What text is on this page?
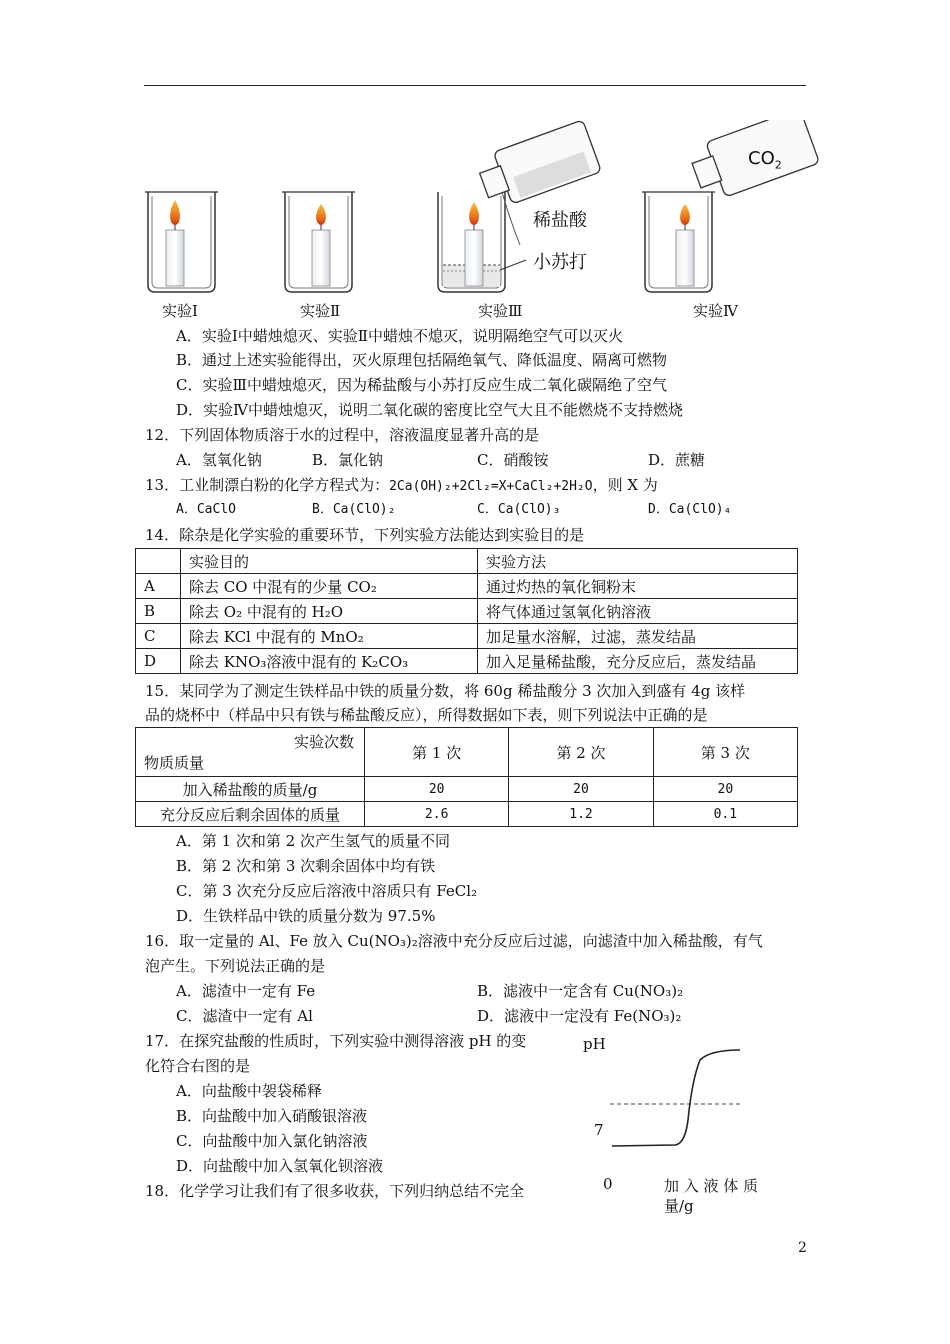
稀盐酸
小苏打
$CO_2$
实验Ⅰ	实验Ⅱ	实验Ⅲ	实验Ⅳ
A．实验Ⅰ中蜡烛熄灭、实验Ⅱ中蜡烛不熄灭，说明隔绝空气可以灭火
B．通过上述实验能得出，灭火原理包括隔绝氧气、降低温度、隔离可燃物
C．实验Ⅲ中蜡烛熄灭，因为稀盐酸与小苏打反应生成二氧化碳隔绝了空气
D．实验Ⅳ中蜡烛熄灭，说明二氧化碳的密度比空气大且不能燃烧不支持燃烧
12．下列固体物质溶于水的过程中，溶液温度显著升高的是
A．氢氧化钠	B．氯化钠	C．硝酸铵	D．蔗糖
13．工业制漂白粉的化学方程式为：2Ca(OH)₂+2Cl₂=X+CaCl₂+2H₂O，则 X 为
A．CaClO	B．Ca(ClO)₂	C．Ca(ClO)₃	D．Ca(ClO)₄
14．除杂是化学实验的重要环节，下列实验方法能达到实验目的是
	实验目的	实验方法
A	除去 CO 中混有的少量 CO₂	通过灼热的氧化铜粉末
B	除去 O₂ 中混有的 H₂O	将气体通过氢氧化钠溶液
C	除去 KCl 中混有的 MnO₂	加足量水溶解，过滤，蒸发结晶
D	除去 KNO₃溶液中混有的 K₂CO₃	加入足量稀盐酸，充分反应后，蒸发结晶
15．某同学为了测定生铁样品中铁的质量分数，将 60g 稀盐酸分 3 次加入到盛有 4g 该样
品的烧杯中（样品中只有铁与稀盐酸反应），所得数据如下表，则下列说法中正确的是
实验次数
物质质量	第 1 次	第 2 次	第 3 次
加入稀盐酸的质量/g	20	20	20
充分反应后剩余固体的质量	2.6	1.2	0.1
A．第 1 次和第 2 次产生氢气的质量不同
B．第 2 次和第 3 次剩余固体中均有铁
C．第 3 次充分反应后溶液中溶质只有 FeCl₂
D．生铁样品中铁的质量分数为 97.5%
16．取一定量的 Al、Fe 放入 Cu(NO₃)₂溶液中充分反应后过滤，向滤渣中加入稀盐酸，有气
泡产生。下列说法正确的是
A．滤渣中一定有 Fe	B．滤液中一定含有 Cu(NO₃)₂
C．滤渣中一定有 Al	D．滤液中一定没有 Fe(NO₃)₂
17．在探究盐酸的性质时，下列实验中测得溶液 pH 的变
化符合右图的是
A．向盐酸中袈袋稀释
B．向盐酸中加入硝酸银溶液
C．向盐酸中加入氯化钠溶液
D．向盐酸中加入氢氧化钡溶液
pH
7
0	加 入 液 体 质
量/g
18．化学学习让我们有了很多收获，下列归纳总结不完全
2
